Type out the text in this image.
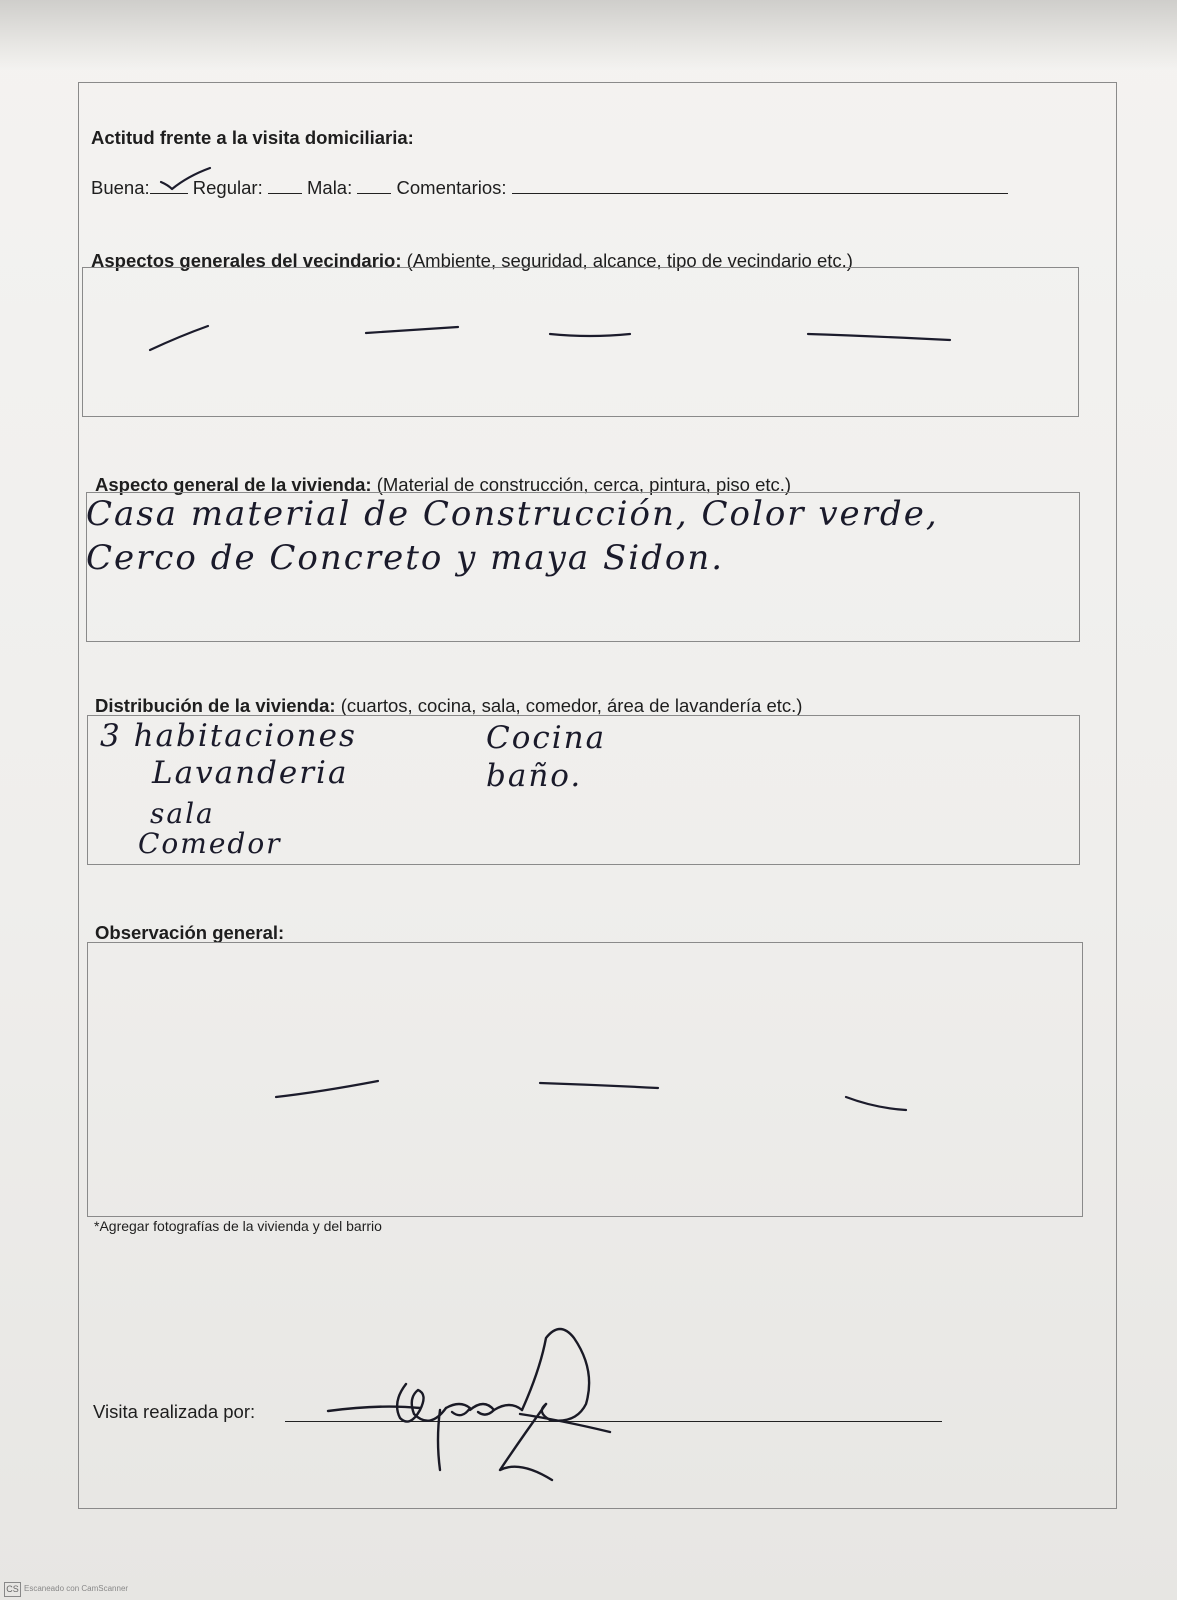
Actitud frente a la visita domiciliaria:
Buena: Regular: Mala: Comentarios:
Aspectos generales del vecindario: (Ambiente, seguridad, alcance, tipo de vecindario etc.)
Aspecto general de la vivienda: (Material de construcción, cerca, pintura, piso etc.)
Casa material de Construcción, Color verde,
Cerco de Concreto y maya Sidon.
Distribución de la vivienda: (cuartos, cocina, sala, comedor, área de lavandería etc.)
3 habitaciones
Lavanderia
sala
Comedor
Cocina
baño.
Observación general:
*Agregar fotografías de la vivienda y del barrio
Visita realizada por:
CS Escaneado con CamScanner
